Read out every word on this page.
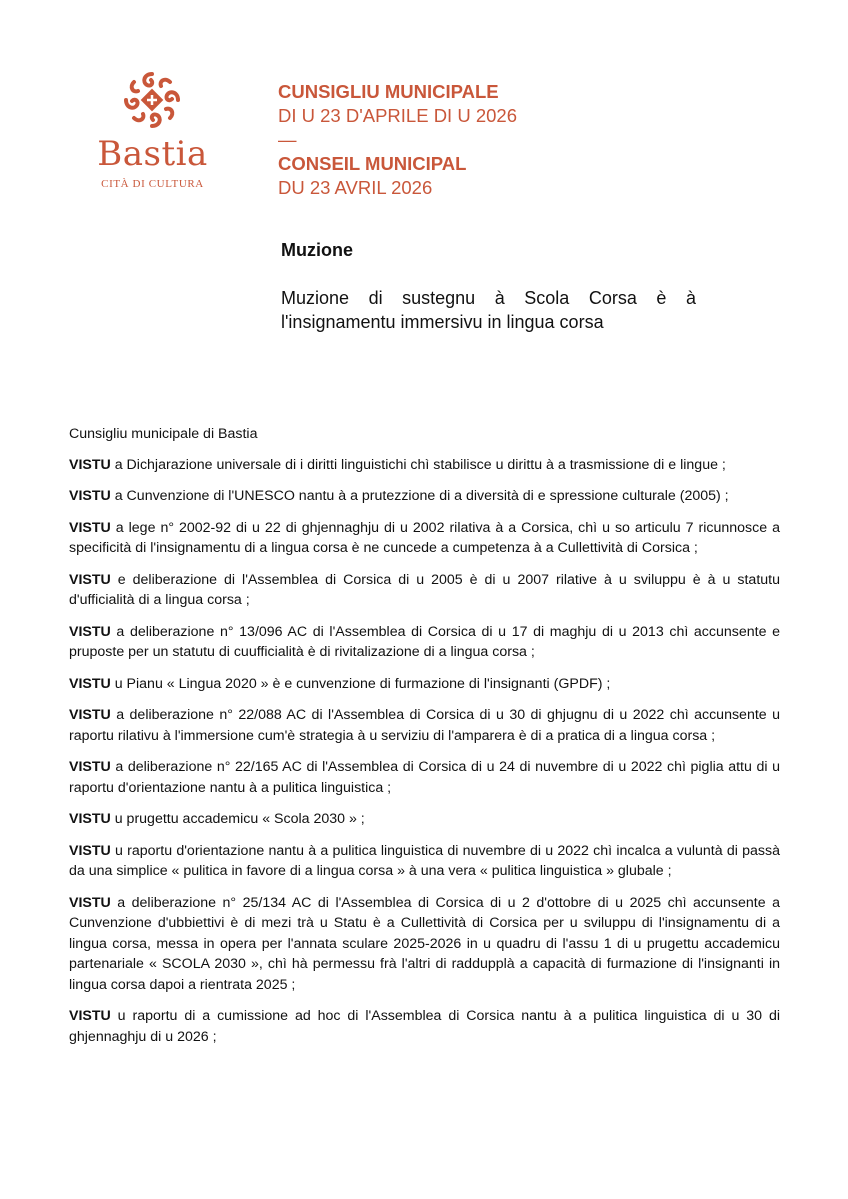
Bastia
CITÀ DI CULTURA
CUNSIGLIU MUNICIPALE
DI U 23 D'APRILE DI U 2026
—
CONSEIL MUNICIPAL
DU 23 AVRIL 2026
Muzione
Muzione di sustegnu à Scola Corsa è à l'insignamentu immersivu in lingua corsa

Cunsigliu municipale di Bastia

VISTU a Dichjarazione universale di i diritti linguistichi chì stabilisce u dirittu à a trasmissione di e lingue ;

VISTU a Cunvenzione di l'UNESCO nantu à a prutezzione di a diversità di e spressione culturale (2005) ;

VISTU a lege n° 2002-92 di u 22 di ghjennaghju di u 2002 rilativa à a Corsica, chì u so articulu 7 ricunnosce a specificità di l'insignamentu di a lingua corsa è ne cuncede a cumpetenza à a Cullettività di Corsica ;

VISTU e deliberazione di l'Assemblea di Corsica di u 2005 è di u 2007 rilative à u sviluppu è à u statutu d'ufficialità di a lingua corsa ;

VISTU a deliberazione n° 13/096 AC di l'Assemblea di Corsica di u 17 di maghju di u 2013 chì accunsente e pruposte per un statutu di cuufficialità è di rivitalizazione di a lingua corsa ;

VISTU u Pianu « Lingua 2020 » è e cunvenzione di furmazione di l'insignanti (GPDF) ;

VISTU a deliberazione n° 22/088 AC di l'Assemblea di Corsica di u 30 di ghjugnu di u 2022 chì accunsente u raportu rilativu à l'immersione cum'è strategia à u serviziu di l'amparera è di a pratica di a lingua corsa ;

VISTU a deliberazione n° 22/165 AC di l'Assemblea di Corsica di u 24 di nuvembre di u 2022 chì piglia attu di u raportu d'orientazione nantu à a pulitica linguistica ;

VISTU u prugettu accademicu « Scola 2030 » ;

VISTU u raportu d'orientazione nantu à a pulitica linguistica di nuvembre di u 2022 chì incalca a vuluntà di passà da una simplice « pulitica in favore di a lingua corsa » à una vera « pulitica linguistica » glubale ;

VISTU a deliberazione n° 25/134 AC di l'Assemblea di Corsica di u 2 d'ottobre di u 2025 chì accunsente a Cunvenzione d'ubbiettivi è di mezi trà u Statu è a Cullettività di Corsica per u sviluppu di l'insignamentu di a lingua corsa, messa in opera per l'annata sculare 2025-2026 in u quadru di l'assu 1 di u prugettu accademicu partenariale « SCOLA 2030 », chì hà permessu frà l'altri di raddupplà a capacità di furmazione di l'insignanti in lingua corsa dapoi a rientrata 2025 ;

VISTU u raportu di a cumissione ad hoc di l'Assemblea di Corsica nantu à a pulitica linguistica di u 30 di ghjennaghju di u 2026 ;
